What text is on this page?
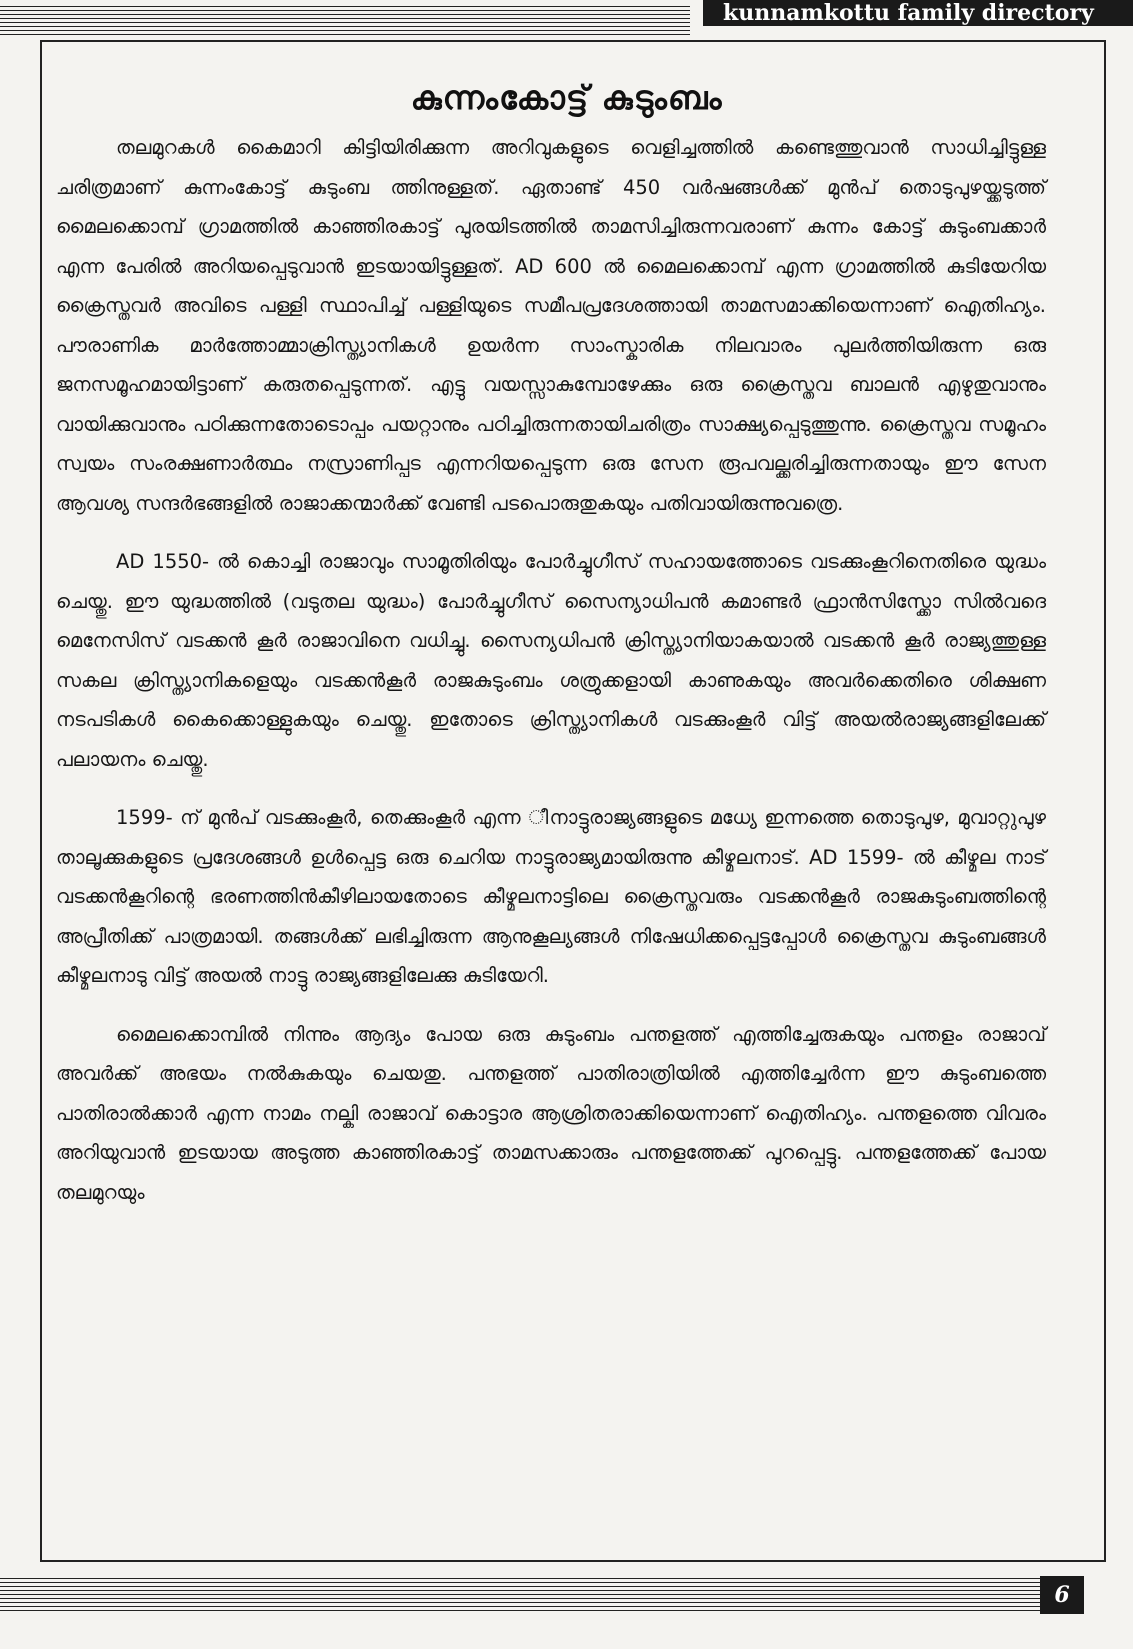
kunnamkottu family directory
കുന്നംകോട്ട് കുടുംബം

തലമുറകൾ കൈമാറി കിട്ടിയിരിക്കുന്ന അറിവുകളുടെ വെളിച്ചത്തിൽ കണ്ടെത്തുവാൻ സാധിച്ചിട്ടുള്ള ചരിത്രമാണ് കുന്നംകോട്ട് കുടുംബ ത്തിനുള്ളത്. ഏതാണ്ട് 450 വർഷങ്ങൾക്ക് മുൻപ് തൊടുപുഴയ്ക്കടുത്ത് മൈലക്കൊമ്പ് ഗ്രാമത്തിൽ കാഞ്ഞിരകാട്ട് പുരയിടത്തിൽ താമസിച്ചിരുന്നവരാണ് കുന്നം കോട്ട് കുടുംബക്കാർ എന്ന പേരിൽ അറിയപ്പെടുവാൻ ഇടയായിട്ടുള്ളത്. AD 600 ൽ മൈലക്കൊമ്പ് എന്ന ഗ്രാമത്തിൽ കുടിയേറിയ ക്രൈസ്തവർ അവിടെ പള്ളി സ്ഥാപിച്ച് പള്ളിയുടെ സമീപപ്രദേശത്തായി താമസമാക്കിയെന്നാണ് ഐതിഹ്യം. പൗരാണിക മാർത്തോമ്മാക്രിസ്ത്യാനികൾ ഉയർന്ന സാംസ്കാരിക നിലവാരം പുലർത്തിയിരുന്ന ഒരു ജനസമൂഹമായിട്ടാണ് കരുതപ്പെടുന്നത്. എട്ടു വയസ്സാകുമ്പോഴേക്കും ഒരു ക്രൈസ്തവ ബാലൻ എഴുതുവാനും വായിക്കുവാനും പഠിക്കുന്നതോടൊപ്പം പയറ്റാനും പഠിച്ചിരുന്നതായിചരിത്രം സാക്ഷ്യപ്പെടുത്തുന്നു. ക്രൈസ്തവ സമൂഹം സ്വയം സംരക്ഷണാർത്ഥം നസ്രാണിപ്പട എന്നറിയപ്പെടുന്ന ഒരു സേന രൂപവല്ക്കരിച്ചിരുന്നതായും ഈ സേന ആവശ്യ സന്ദർഭങ്ങളിൽ രാജാക്കന്മാർക്ക് വേണ്ടി പടപൊരുതുകയും പതിവായിരുന്നുവത്രെ.

AD 1550- ൽ കൊച്ചി രാജാവും സാമൂതിരിയും പോർച്ചുഗീസ് സഹായത്തോടെ വടക്കുംകൂറിനെതിരെ യുദ്ധം ചെയ്തു. ഈ യുദ്ധത്തിൽ (വടുതല യുദ്ധം) പോർച്ചുഗീസ് സൈന്യാധിപൻ കമാണ്ടർ ഫ്രാൻസിസ്ക്കോ സിൽവദെ മെനേസിസ് വടക്കൻ കൂർ രാജാവിനെ വധിച്ചു. സൈന്യധിപൻ ക്രിസ്ത്യാനിയാകയാൽ വടക്കൻ കൂർ രാജ്യത്തുള്ള സകല ക്രിസ്ത്യാനികളെയും വടക്കൻകൂർ രാജകുടുംബം ശത്രുക്കളായി കാണുകയും അവർക്കെതിരെ ശിക്ഷണ നടപടികൾ കൈക്കൊള്ളുകയും ചെയ്തു. ഇതോടെ ക്രിസ്ത്യാനികൾ വടക്കുംകൂർ വിട്ട് അയൽരാജ്യങ്ങളിലേക്ക് പലായനം ചെയ്തു.

1599- ന് മുൻപ് വടക്കുംകൂർ, തെക്കുംകൂർ എന്ന ീനാട്ടുരാജ്യങ്ങളുടെ മധ്യേ ഇന്നത്തെ തൊടുപുഴ, മുവാറ്റുപുഴ താലൂക്കുകളുടെ പ്രദേശങ്ങൾ ഉൾപ്പെട്ട ഒരു ചെറിയ നാട്ടുരാജ്യമായിരുന്നു കീഴ്മലനാട്. AD 1599- ൽ കീഴ്മല നാട് വടക്കൻകൂറിന്റെ ഭരണത്തിൻകീഴിലായതോടെ കീഴ്മലനാട്ടിലെ ക്രൈസ്തവരും വടക്കൻകൂർ രാജകുടുംബത്തിന്റെ അപ്രീതിക്ക് പാത്രമായി. തങ്ങൾക്ക് ലഭിച്ചിരുന്ന ആനുകൂല്യങ്ങൾ നിഷേധിക്കപ്പെട്ടപ്പോൾ ക്രൈസ്തവ കുടുംബങ്ങൾ കീഴ്മലനാടു വിട്ട് അയൽ നാട്ടു രാജ്യങ്ങളിലേക്കു കുടിയേറി.

മൈലക്കൊമ്പിൽ നിന്നും ആദ്യം പോയ ഒരു കുടുംബം പന്തളത്ത് എത്തിച്ചേരുകയും പന്തളം രാജാവ് അവർക്ക് അഭയം നൽകുകയും ചെയതു. പന്തളത്ത് പാതിരാത്രിയിൽ എത്തിച്ചേർന്ന ഈ കുടുംബത്തെ പാതിരാൽക്കാർ എന്ന നാമം നല്കി രാജാവ് കൊട്ടാര ആശ്രിതരാക്കിയെന്നാണ് ഐതിഹ്യം. പന്തളത്തെ വിവരം അറിയുവാൻ ഇടയായ അടുത്ത കാഞ്ഞിരകാട്ട് താമസക്കാരും പന്തളത്തേക്ക് പുറപ്പെട്ടു. പന്തളത്തേക്ക് പോയ തലമുറയും

6
